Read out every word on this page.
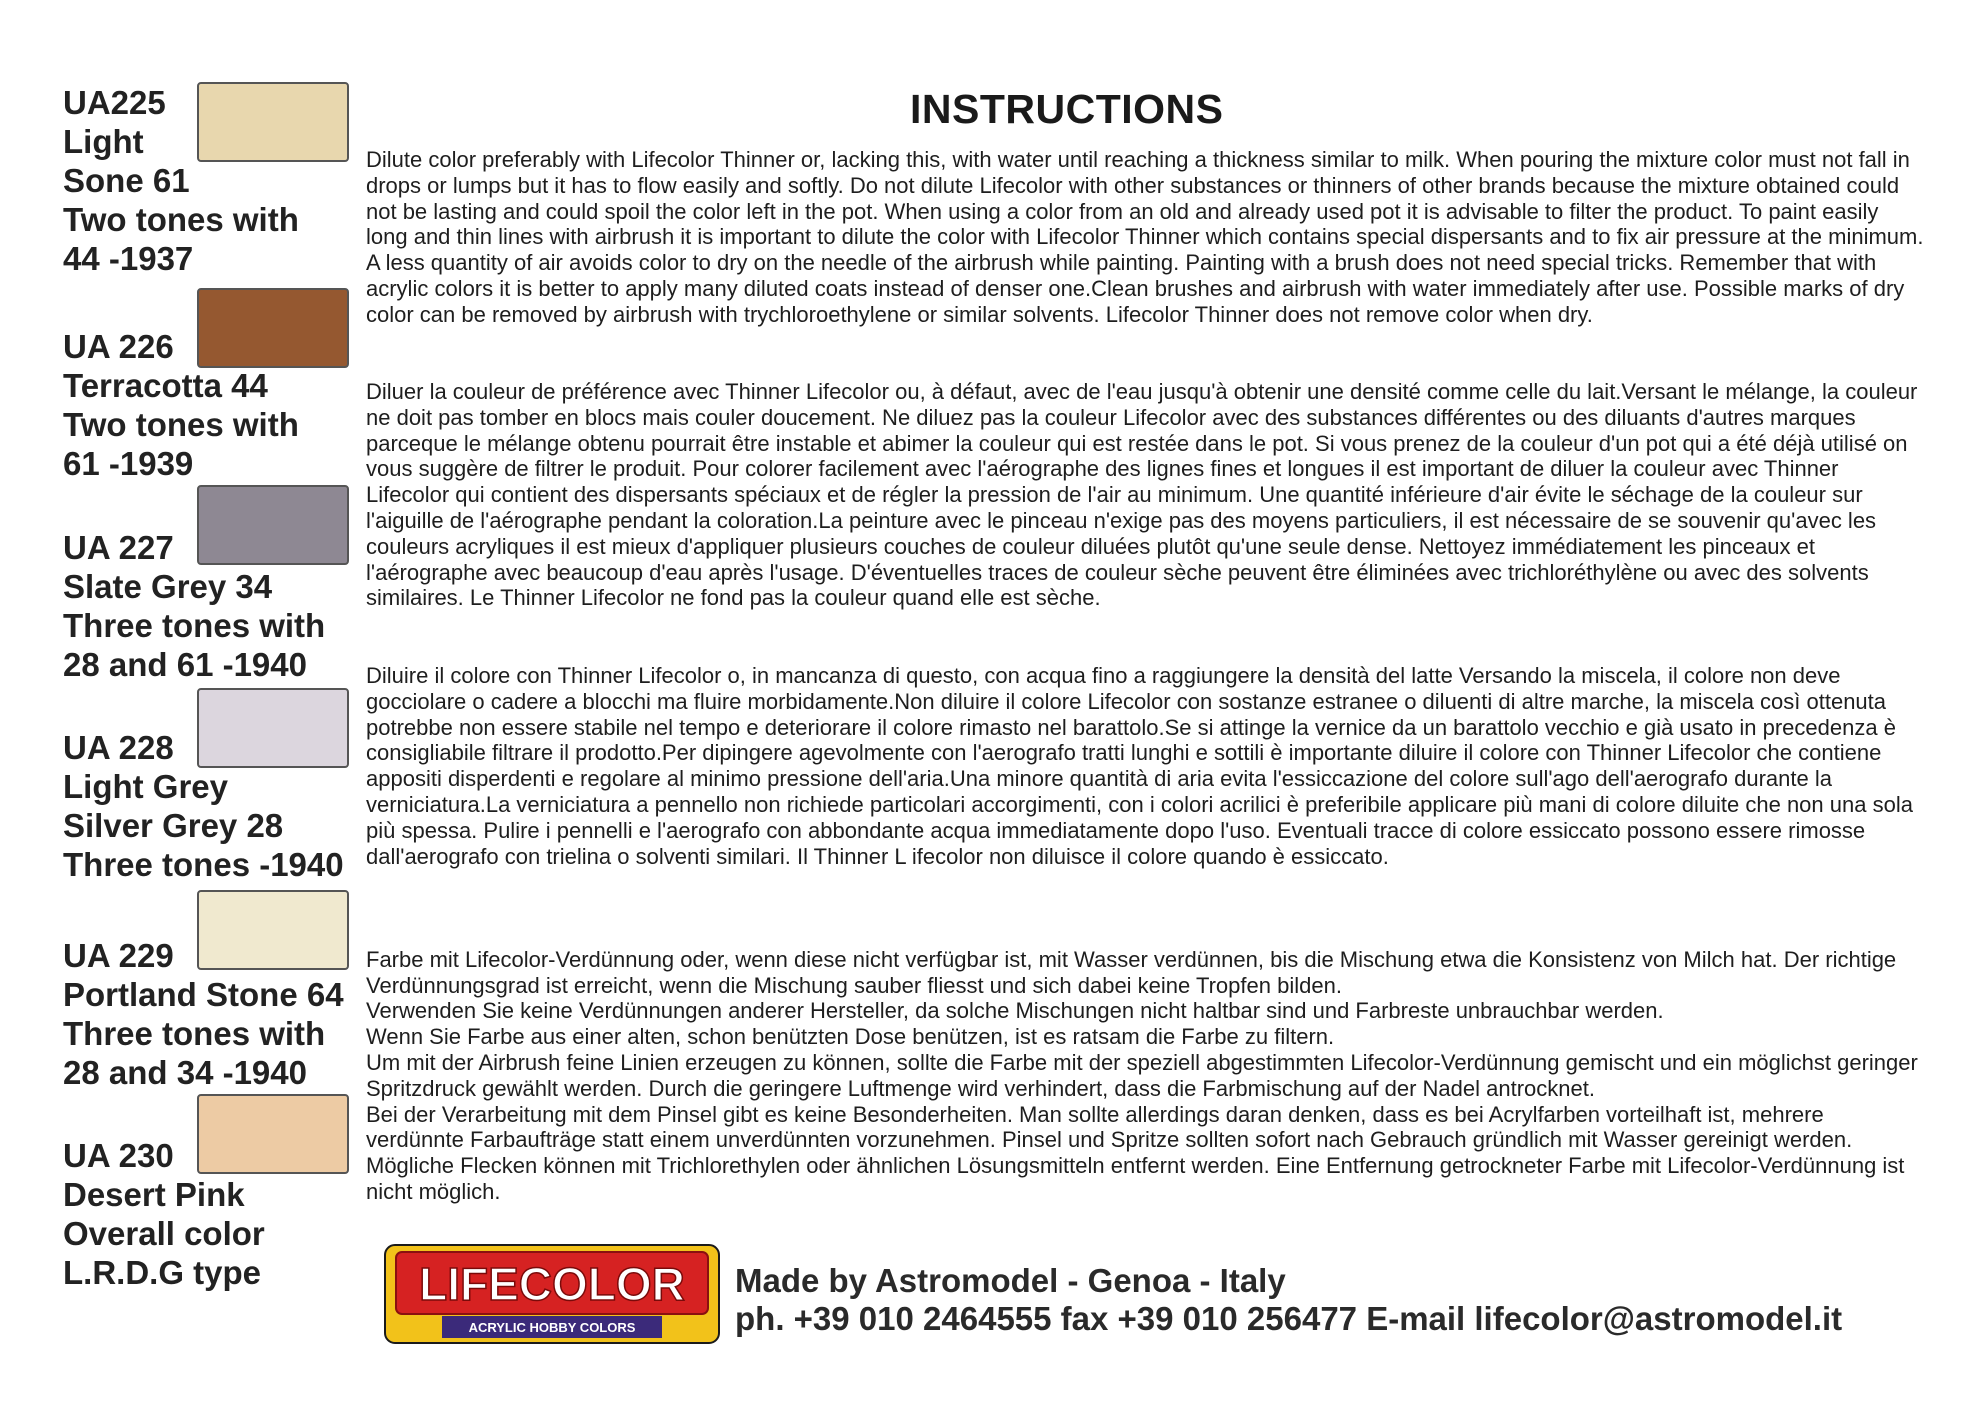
UA225
Light
Sone 61
Two tones with
44 -1937
UA 226
Terracotta 44
Two tones with
61 -1939
UA 227
Slate Grey 34
Three tones with
28 and 61 -1940
UA 228
Light Grey
Silver Grey 28
Three tones -1940
UA 229
Portland Stone 64
Three tones with
28 and 34 -1940
UA 230
Desert Pink
Overall color
L.R.D.G type
INSTRUCTIONS
Dilute color preferably with Lifecolor Thinner or, lacking this, with water until reaching a thickness similar to milk. When pouring the mixture color must not fall in drops or lumps but it has to flow easily and softly. Do not dilute Lifecolor with other substances or thinners of other brands because the mixture obtained could not be lasting and could spoil the color left in the pot. When using a color from an old and already used pot it is advisable to filter the product. To paint easily long and thin lines with airbrush it is important to dilute the color with Lifecolor Thinner which contains special dispersants and to fix air pressure at the minimum. A less quantity of air avoids color to dry on the needle of the airbrush while painting. Painting with a brush does not need special tricks. Remember that with acrylic colors it is better to apply many diluted coats instead of denser one.Clean brushes and airbrush with water immediately after use. Possible marks of dry color can be removed by airbrush with trychloroethylene or similar solvents. Lifecolor Thinner does not remove color when dry.
Diluer la couleur de préférence avec Thinner Lifecolor ou, à défaut, avec de l'eau jusqu'à obtenir une densité comme celle du lait.Versant le mélange, la couleur ne doit pas tomber en blocs mais couler doucement. Ne diluez pas la couleur Lifecolor avec des substances différentes ou des diluants d'autres marques parceque le mélange obtenu pourrait être instable et abimer la couleur qui est restée dans le pot. Si vous prenez de la couleur d'un pot qui a été déjà utilisé on vous suggère de filtrer le produit. Pour colorer facilement avec l'aérographe des lignes fines et longues il est important de diluer la couleur avec Thinner Lifecolor qui contient des dispersants spéciaux et de régler la pression de l'air au minimum. Une quantité inférieure d'air évite le séchage de la couleur sur l'aiguille de l'aérographe pendant la coloration.La peinture avec le pinceau n'exige pas des moyens particuliers, il est nécessaire de se souvenir qu'avec les couleurs acryliques il est mieux d'appliquer plusieurs couches de couleur diluées plutôt qu'une seule dense. Nettoyez immédiatement les pinceaux et l'aérographe avec beaucoup d'eau après l'usage. D'éventuelles traces de couleur sèche peuvent être éliminées avec trichloréthylène ou avec des solvents similaires. Le Thinner Lifecolor ne fond pas la couleur quand elle est sèche.
Diluire il colore con Thinner Lifecolor o, in mancanza di questo, con acqua fino a raggiungere la densità del latte Versando la miscela, il colore non deve gocciolare o cadere a blocchi ma fluire morbidamente.Non diluire il colore Lifecolor con sostanze estranee o diluenti di altre marche, la miscela così ottenuta potrebbe non essere stabile nel tempo e deteriorare il colore rimasto nel barattolo.Se si attinge la vernice da un barattolo vecchio e già usato in precedenza è consigliabile filtrare il prodotto.Per dipingere agevolmente con l'aerografo tratti lunghi e sottili è importante diluire il colore con Thinner Lifecolor che contiene appositi disperdenti e regolare al minimo pressione dell'aria.Una minore quantità di aria evita l'essiccazione del colore sull'ago dell'aerografo durante la verniciatura.La verniciatura a pennello non richiede particolari accorgimenti, con i colori acrilici è preferibile applicare più mani di colore diluite che non una sola più spessa. Pulire i pennelli e l'aerografo con abbondante acqua immediatamente dopo l'uso. Eventuali tracce di colore essiccato possono essere rimosse dall'aerografo con trielina o solventi similari. Il Thinner L ifecolor non diluisce il colore quando è essiccato.

Farbe mit Lifecolor-Verdünnung oder, wenn diese nicht verfügbar ist, mit Wasser verdünnen, bis die Mischung etwa die Konsistenz von Milch hat. Der richtige Verdünnungsgrad ist erreicht, wenn die Mischung sauber fliesst und sich dabei keine Tropfen bilden.
Verwenden Sie keine Verdünnungen anderer Hersteller, da solche Mischungen nicht haltbar sind und Farbreste unbrauchbar werden.
Wenn Sie Farbe aus einer alten, schon benützten Dose benützen, ist es ratsam die Farbe zu filtern.
Um mit der Airbrush feine Linien erzeugen zu können, sollte die Farbe mit der speziell abgestimmten Lifecolor-Verdünnung gemischt und ein möglichst geringer Spritzdruck gewählt werden. Durch die geringere Luftmenge wird verhindert, dass die Farbmischung auf der Nadel antrocknet.
Bei der Verarbeitung mit dem Pinsel gibt es keine Besonderheiten. Man sollte allerdings daran denken, dass es bei Acrylfarben vorteilhaft ist, mehrere verdünnte Farbaufträge statt einem unverdünnten vorzunehmen. Pinsel und Spritze sollten sofort nach Gebrauch gründlich mit Wasser gereinigt werden. Mögliche Flecken können mit Trichlorethylen oder ähnlichen Lösungsmitteln entfernt werden. Eine Entfernung getrockneter Farbe mit Lifecolor-Verdünnung ist nicht möglich.

LIFECOLOR
ACRYLIC HOBBY COLORS
Made by Astromodel - Genoa - Italy
ph. +39 010 2464555 fax +39 010 256477 E-mail lifecolor@astromodel.it
